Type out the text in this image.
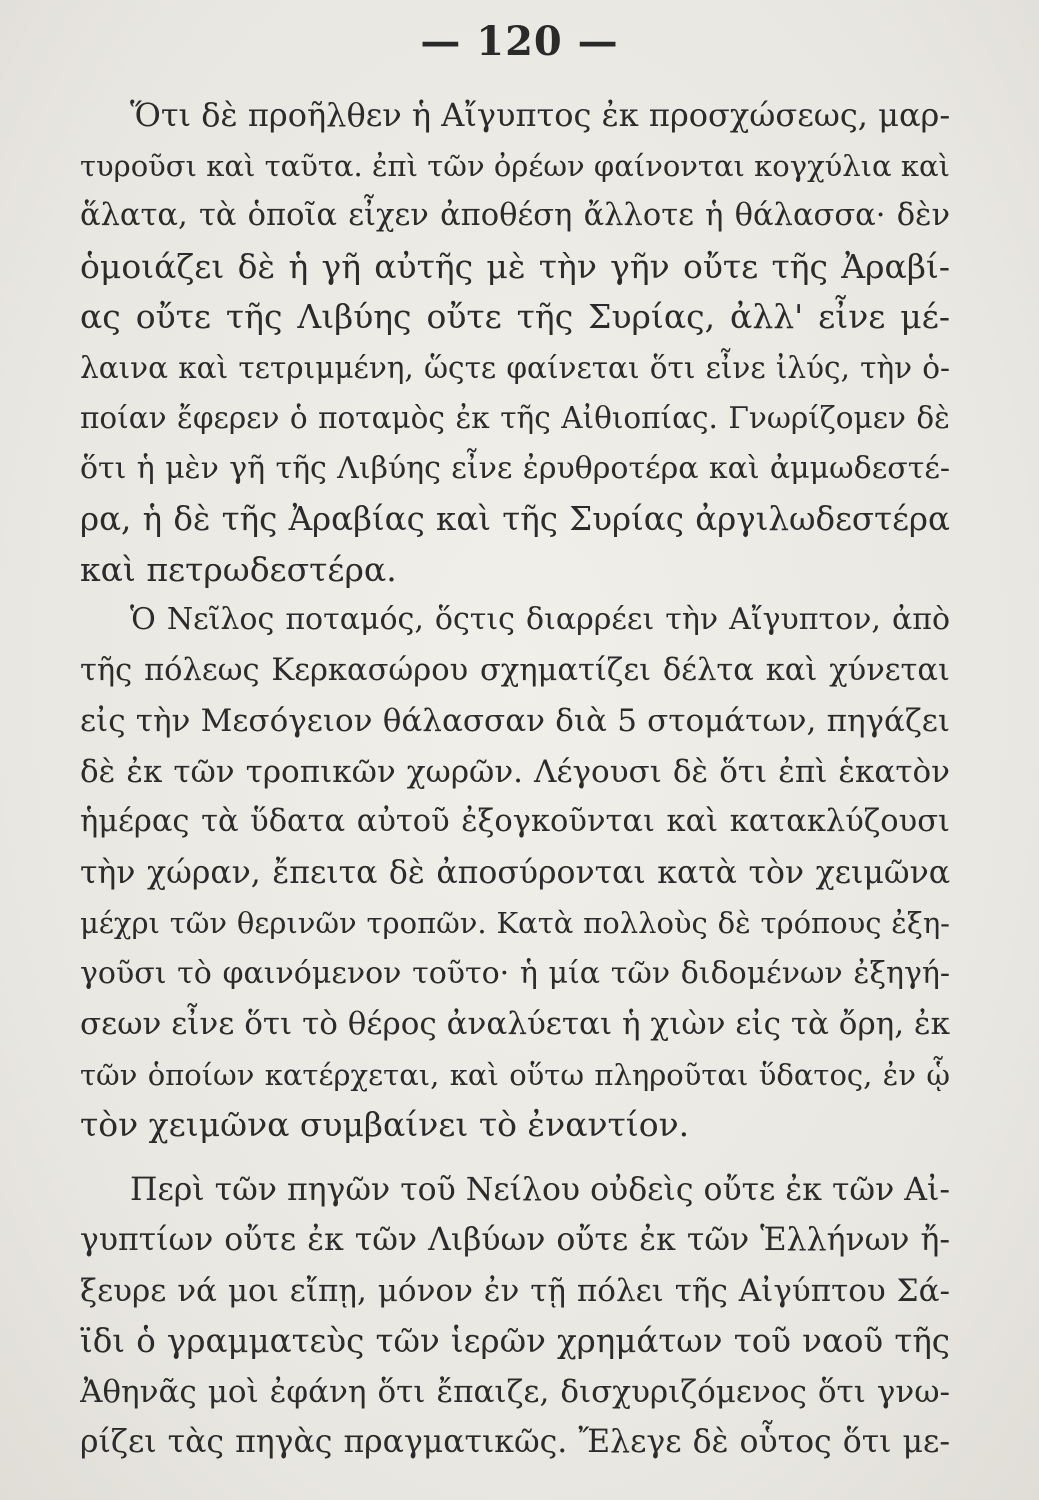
— 120 —
Ὅτι δὲ προῆλθεν ἡ Αἴγυπτος ἐκ προσχώσεως, μαρ-
τυροῦσι καὶ ταῦτα. ἐπὶ τῶν ὀρέων φαίνονται κογχύλια καὶ
ἅλατα, τὰ ὁποῖα εἶχεν ἀποθέση ἄλλοτε ἡ θάλασσα· δὲν
ὁμοιάζει δὲ ἡ γῆ αὐτῆς μὲ τὴν γῆν οὔτε τῆς Ἀραβί-
ας οὔτε τῆς Λιβύης οὔτε τῆς Συρίας, ἀλλ' εἶνε μέ-
λαινα καὶ τετριμμένη, ὥςτε φαίνεται ὅτι εἶνε ἰλύς, τὴν ὁ-
ποίαν ἔφερεν ὁ ποταμὸς ἐκ τῆς Αἰθιοπίας. Γνωρίζομεν δὲ
ὅτι ἡ μὲν γῆ τῆς Λιβύης εἶνε ἐρυθροτέρα καὶ ἀμμωδεστέ-
ρα, ἡ δὲ τῆς Ἀραβίας καὶ τῆς Συρίας ἀργιλωδεστέρα
καὶ πετρωδεστέρα.
Ὁ Νεῖλος ποταμός, ὅςτις διαρρέει τὴν Αἴγυπτον, ἀπὸ
τῆς πόλεως Κερκασώρου σχηματίζει δέλτα καὶ χύνεται
εἰς τὴν Μεσόγειον θάλασσαν διὰ 5 στομάτων, πηγάζει
δὲ ἐκ τῶν τροπικῶν χωρῶν. Λέγουσι δὲ ὅτι ἐπὶ ἑκατὸν
ἡμέρας τὰ ὕδατα αὐτοῦ ἐξογκοῦνται καὶ κατακλύζουσι
τὴν χώραν, ἔπειτα δὲ ἀποσύρονται κατὰ τὸν χειμῶνα
μέχρι τῶν θερινῶν τροπῶν. Κατὰ πολλοὺς δὲ τρόπους ἐξη-
γοῦσι τὸ φαινόμενον τοῦτο· ἡ μία τῶν διδομένων ἐξηγή-
σεων εἶνε ὅτι τὸ θέρος ἀναλύεται ἡ χιὼν εἰς τὰ ὄρη, ἐκ
τῶν ὁποίων κατέρχεται, καὶ οὕτω πληροῦται ὕδατος, ἐν ᾧ
τὸν χειμῶνα συμβαίνει τὸ ἐναντίον.
Περὶ τῶν πηγῶν τοῦ Νείλου οὐδεὶς οὔτε ἐκ τῶν Αἰ-
γυπτίων οὔτε ἐκ τῶν Λιβύων οὔτε ἐκ τῶν Ἑλλήνων ἤ-
ξευρε νά μοι εἴπῃ, μόνον ἐν τῇ πόλει τῆς Αἰγύπτου Σά-
ϊδι ὁ γραμματεὺς τῶν ἱερῶν χρημάτων τοῦ ναοῦ τῆς
Ἀθηνᾶς μοὶ ἐφάνη ὅτι ἔπαιζε, δισχυριζόμενος ὅτι γνω-
ρίζει τὰς πηγὰς πραγματικῶς. Ἔλεγε δὲ οὗτος ὅτι με-
